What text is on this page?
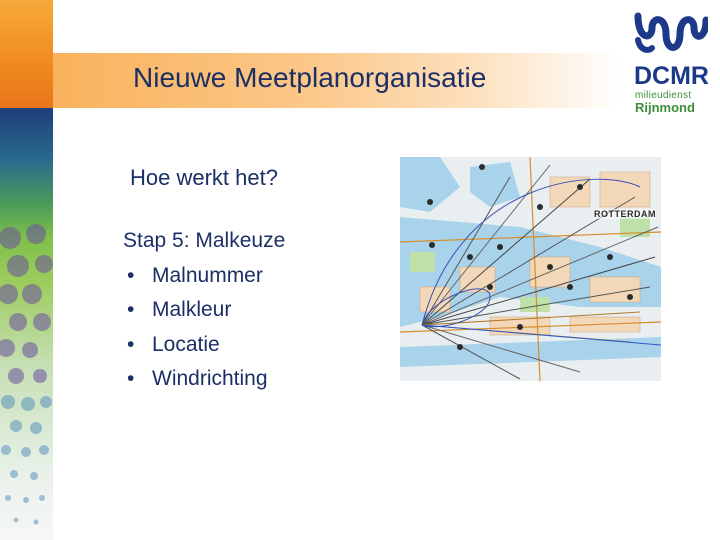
Nieuwe Meetplanorganisatie	DCMR
milieudienst
Rijnmond
Hoe werkt het?
Stap 5: Malkeuze
• Malnummer
• Malkleur
• Locatie
• Windrichting
ROTTERDAM
